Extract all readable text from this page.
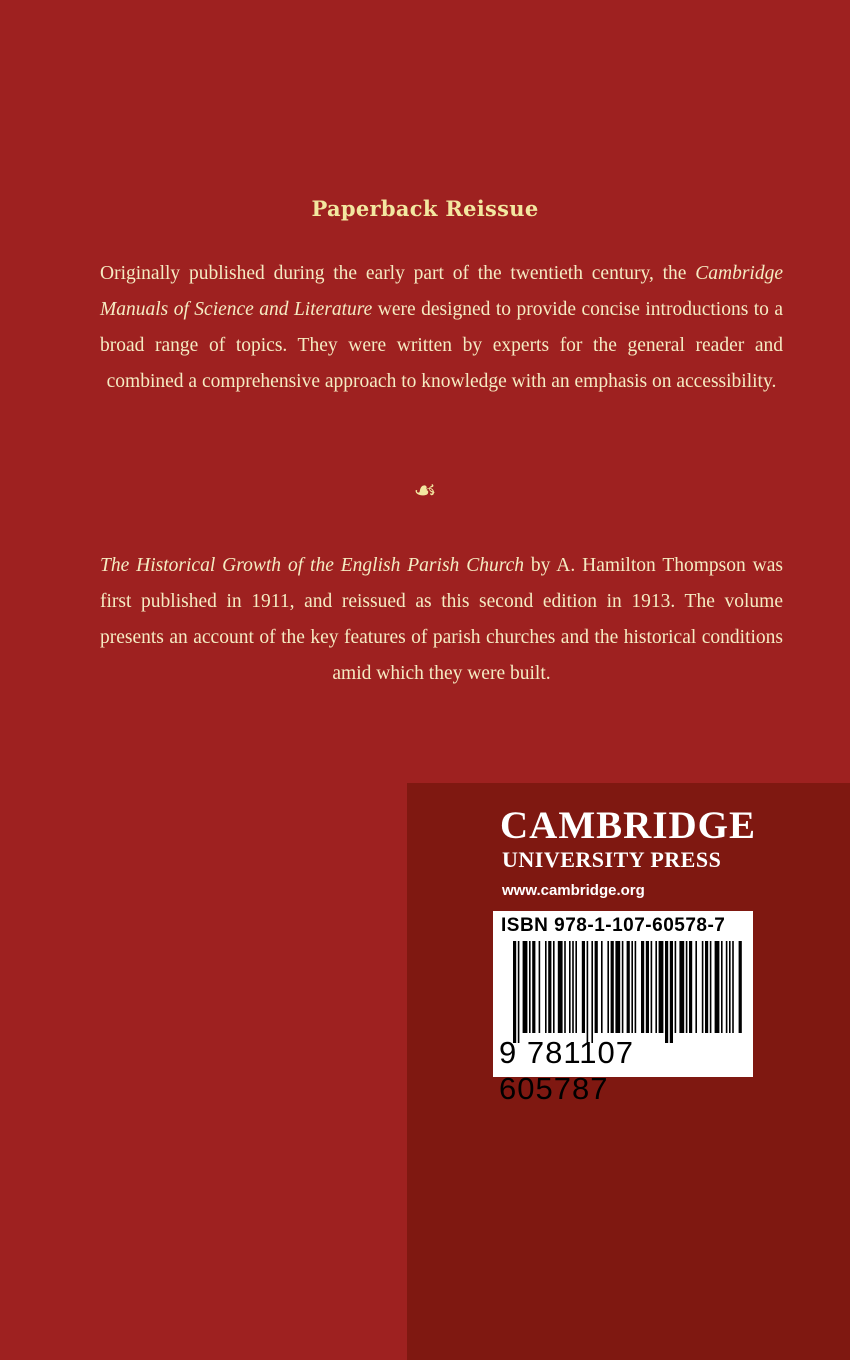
Paperback Reissue
Originally published during the early part of the twentieth century, the Cambridge Manuals of Science and Literature were designed to provide concise introductions to a broad range of topics. They were written by experts for the general reader and combined a comprehensive approach to knowledge with an emphasis on accessibility.
☙
The Historical Growth of the English Parish Church by A. Hamilton Thompson was first published in 1911, and reissued as this second edition in 1913. The volume presents an account of the key features of parish churches and the historical conditions amid which they were built.
CAMBRIDGE
UNIVERSITY PRESS
www.cambridge.org
ISBN 978-1-107-60578-7
9 781107 605787
